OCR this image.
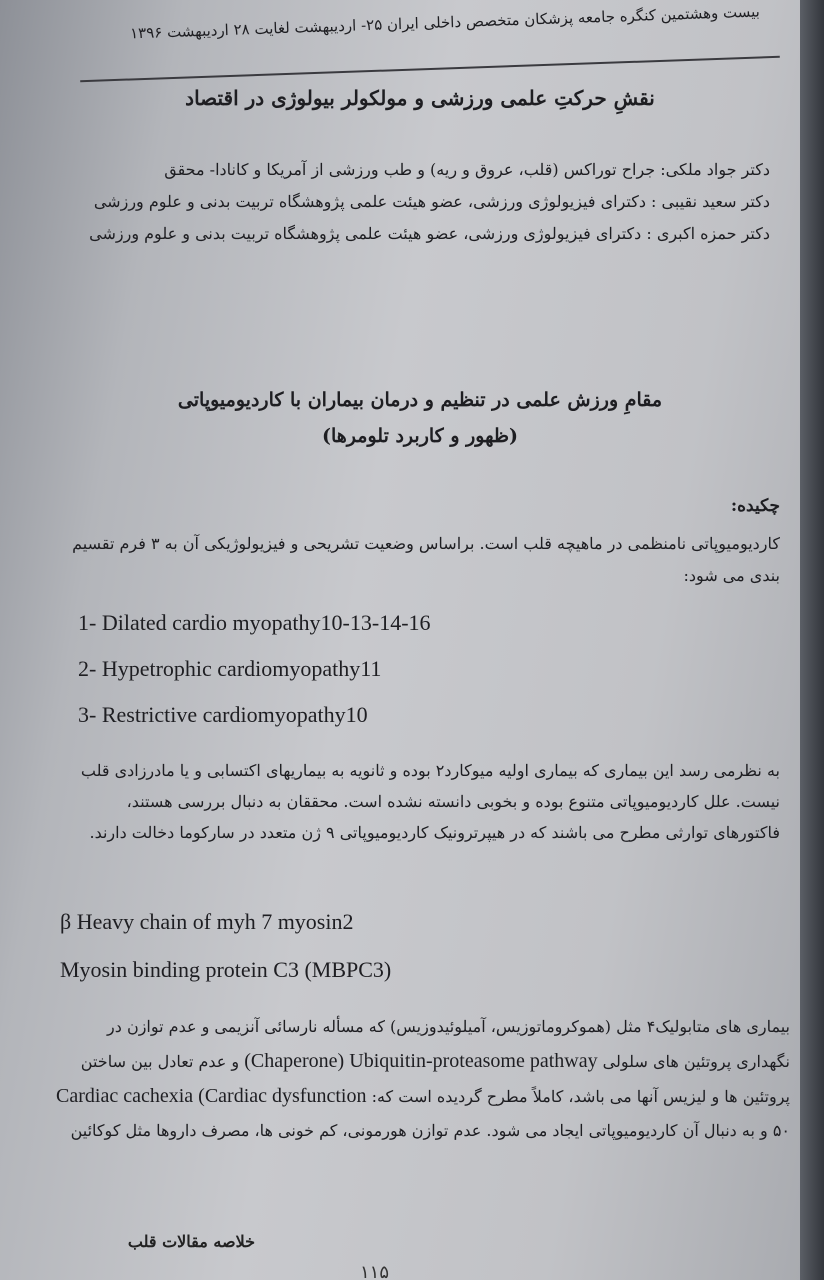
بیست وهشتمین کنگره جامعه پزشکان متخصص داخلی ایران ۲۵- اردیبهشت لغایت ۲۸ اردیبهشت ۱۳۹۶
نقشِ حرکتِ علمی ورزشی و مولکولر بیولوژی در اقتصاد

دکتر جواد ملکی: جراح توراکس (قلب، عروق و ریه) و طب ورزشی از آمریکا و کانادا- محقق

دکتر سعید نقیبی : دکترای فیزیولوژی ورزشی، عضو هیئت علمی پژوهشگاه تربیت بدنی و علوم ورزشی

دکتر حمزه اکبری : دکترای فیزیولوژی ورزشی، عضو هیئت علمی پژوهشگاه تربیت بدنی و علوم ورزشی

مقامِ ورزش علمی در تنظیم و درمان بیماران با کاردیومیوپاتی
(ظهور و کاربرد تلومرها)
چکیده:
کاردیومیوپاتی نامنظمی در ماهیچه قلب است. براساس وضعیت تشریحی و فیزیولوژیکی آن به ۳ فرم تقسیم بندی می شود:
1- Dilated cardio myopathy10-13-14-16
2- Hypetrophic cardiomyopathy11
3- Restrictive cardiomyopathy10
به نظرمی رسد این بیماری که بیماری اولیه میوکارد۲ بوده و ثانویه به بیماریهای اکتسابی و یا مادرزادی قلب نیست. علل کاردیومیوپاتی متنوع بوده و بخوبی دانسته نشده است. محققان به دنبال بررسی هستند، فاکتورهای توارثی مطرح می باشند که در هیپرترونیک کاردیومیوپاتی ۹ ژن متعدد در سارکوما دخالت دارند.
β Heavy chain of myh 7 myosin2
Myosin binding protein C3 (MBPC3)
بیماری های متابولیک۴ مثل (هموکروماتوزیس، آمیلوئیدوزیس) که مسأله نارسائی آنزیمی و عدم توازن در نگهداری پروتئین های سلولی Ubiquitin-proteasome pathway (Chaperone) و عدم تعادل بین ساختن پروتئین ها و لیزیس آنها می باشد، کاملاً مطرح گردیده است که: Cardiac cachexia (Cardiac dysfunction ۵۰ و به دنبال آن کاردیومیوپاتی ایجاد می شود. عدم توازن هورمونی، کم خونی ها، مصرف داروها مثل کوکائین
خلاصه مقالات قلب
۱۱۵
